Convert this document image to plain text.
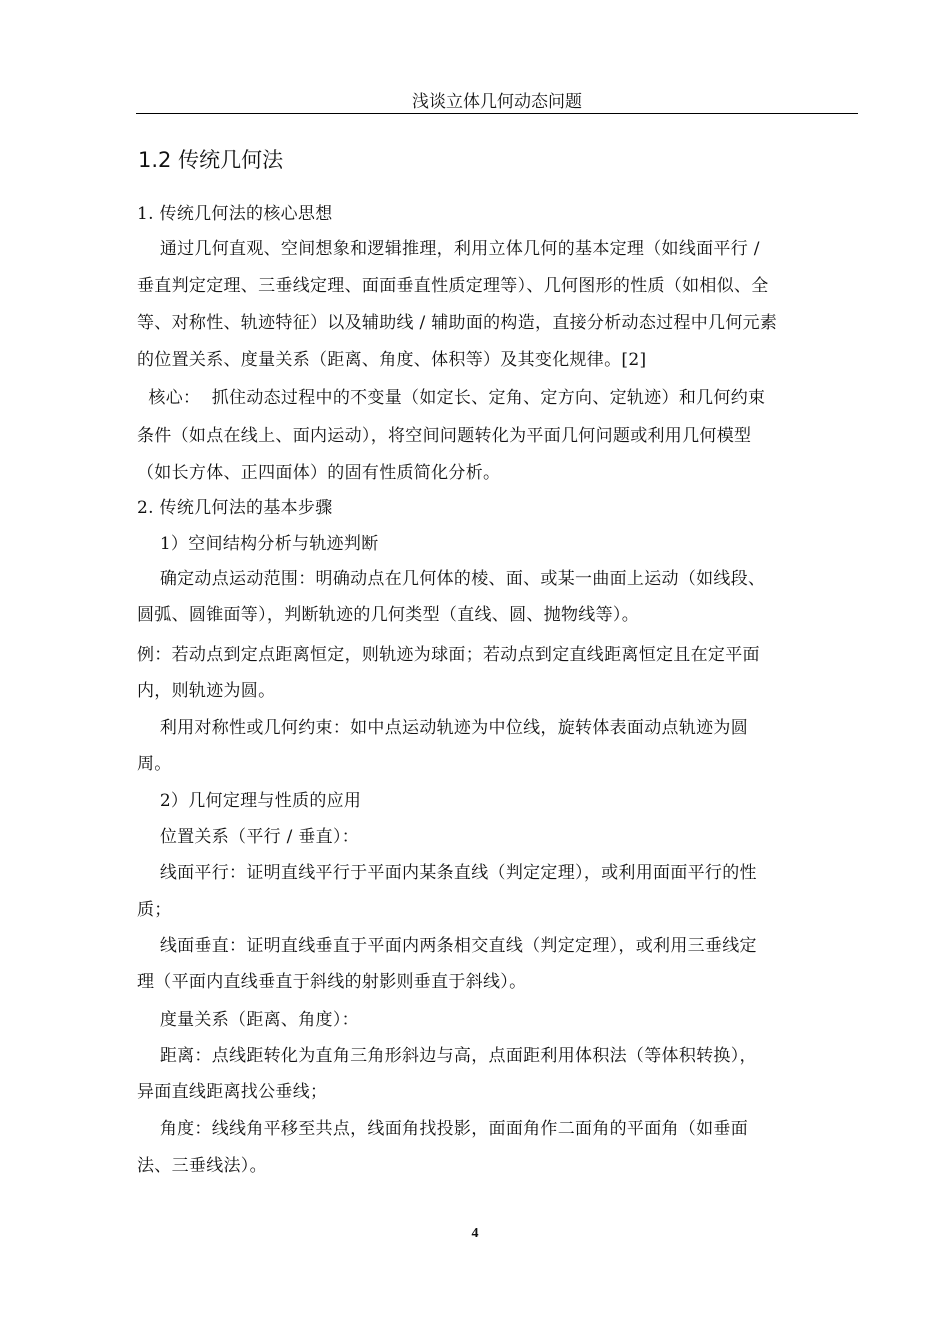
浅谈立体几何动态问题
1.2 传统几何法
1. 传统几何法的核心思想
通过几何直观、空间想象和逻辑推理，利用立体几何的基本定理（如线面平行 /
垂直判定定理、三垂线定理、面面垂直性质定理等）、几何图形的性质（如相似、全
等、对称性、轨迹特征）以及辅助线 / 辅助面的构造，直接分析动态过程中几何元素
的位置关系、度量关系（距离、角度、体积等）及其变化规律。[2]
核心：  抓住动态过程中的不变量（如定长、定角、定方向、定轨迹）和几何约束
条件（如点在线上、面内运动），将空间问题转化为平面几何问题或利用几何模型
（如长方体、正四面体）的固有性质简化分析。
2. 传统几何法的基本步骤
1）空间结构分析与轨迹判断
确定动点运动范围：明确动点在几何体的棱、面、或某一曲面上运动（如线段、
圆弧、圆锥面等），判断轨迹的几何类型（直线、圆、抛物线等）。
例：若动点到定点距离恒定，则轨迹为球面；若动点到定直线距离恒定且在定平面
内，则轨迹为圆。
利用对称性或几何约束：如中点运动轨迹为中位线，旋转体表面动点轨迹为圆
周。
2）几何定理与性质的应用
位置关系（平行 / 垂直）：
线面平行：证明直线平行于平面内某条直线（判定定理），或利用面面平行的性
质；
线面垂直：证明直线垂直于平面内两条相交直线（判定定理），或利用三垂线定
理（平面内直线垂直于斜线的射影则垂直于斜线）。
度量关系（距离、角度）：
距离：点线距转化为直角三角形斜边与高，点面距利用体积法（等体积转换），
异面直线距离找公垂线；
角度：线线角平移至共点，线面角找投影，面面角作二面角的平面角（如垂面
法、三垂线法）。
4
